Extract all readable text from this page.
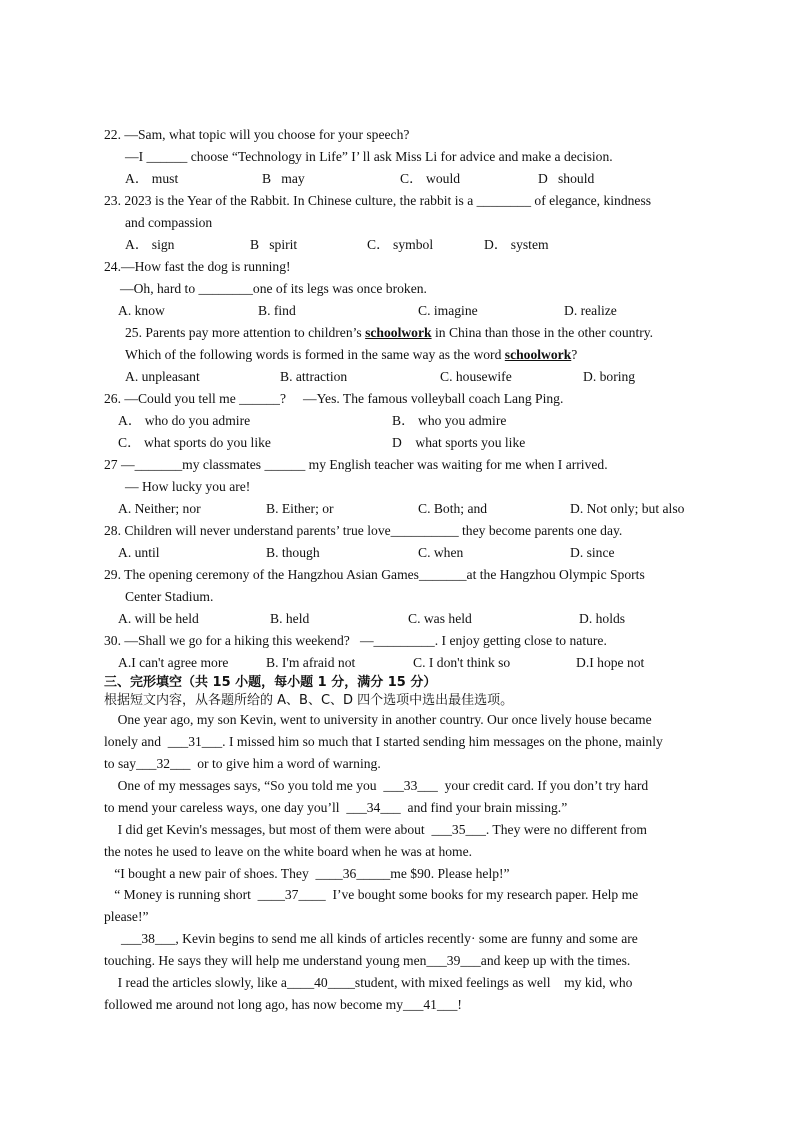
22. —Sam, what topic will you choose for your speech?
—I ______ choose “Technology in Life” I’ ll ask Miss Li for advice and make a decision.
A． must	B   may	C． would	D   should
23. 2023 is the Year of the Rabbit. In Chinese culture, the rabbit is a ________ of elegance, kindness
and compassion
A． sign	B   spirit	C． symbol	D． system
24.—How fast the dog is running!
—Oh, hard to ________one of its legs was once broken.
A. know	B. find	C. imagine	D. realize
25. Parents pay more attention to children’s schoolwork in China than those in the other country.
Which of the following words is formed in the same way as the word schoolwork?
A. unpleasant	B. attraction	C. housewife	D. boring
26. —Could you tell me ______?     —Yes. The famous volleyball coach Lang Ping.
A． who do you admire	B． who you admire
C． what sports do you like	D    what sports you like
27 —_______my classmates ______ my English teacher was waiting for me when I arrived.
— How lucky you are!
A. Neither; nor	B. Either; or	C. Both; and	D. Not only; but also
28. Children will never understand parents’ true love__________ they become parents one day.
A. until	B. though	C. when	D. since
29. The opening ceremony of the Hangzhou Asian Games_______at the Hangzhou Olympic Sports
Center Stadium.
A. will be held	B. held	C. was held	D. holds
30. —Shall we go for a hiking this weekend?   —_________. I enjoy getting close to nature.
A.I can't agree more	B. I'm afraid not	C. I don't think so	D.I hope not
三、完形填空（共 15 小题，每小题 1 分，满分 15 分）
根据短文内容，从各题所给的 A、B、C、D 四个选项中选出最佳选项。
One year ago, my son Kevin, went to university in another country. Our once lively house became
lonely and  ___31___. I missed him so much that I started sending him messages on the phone, mainly
to say___32___  or to give him a word of warning.
One of my messages says, “So you told me you  ___33___  your credit card. If you don’t try hard
to mend your careless ways, one day you’ll  ___34___  and find your brain missing.”
I did get Kevin's messages, but most of them were about  ___35___. They were no different from
the notes he used to leave on the white board when he was at home.
“I bought a new pair of shoes. They  ____36_____me $90. Please help!”
“ Money is running short  ____37____  I’ve bought some books for my research paper. Help me
please!”
___38___, Kevin begins to send me all kinds of articles recently· some are funny and some are
touching. He says they will help me understand young men___39___and keep up with the times.
I read the articles slowly, like a____40____student, with mixed feelings as well    my kid, who
followed me around not long ago, has now become my___41___!
